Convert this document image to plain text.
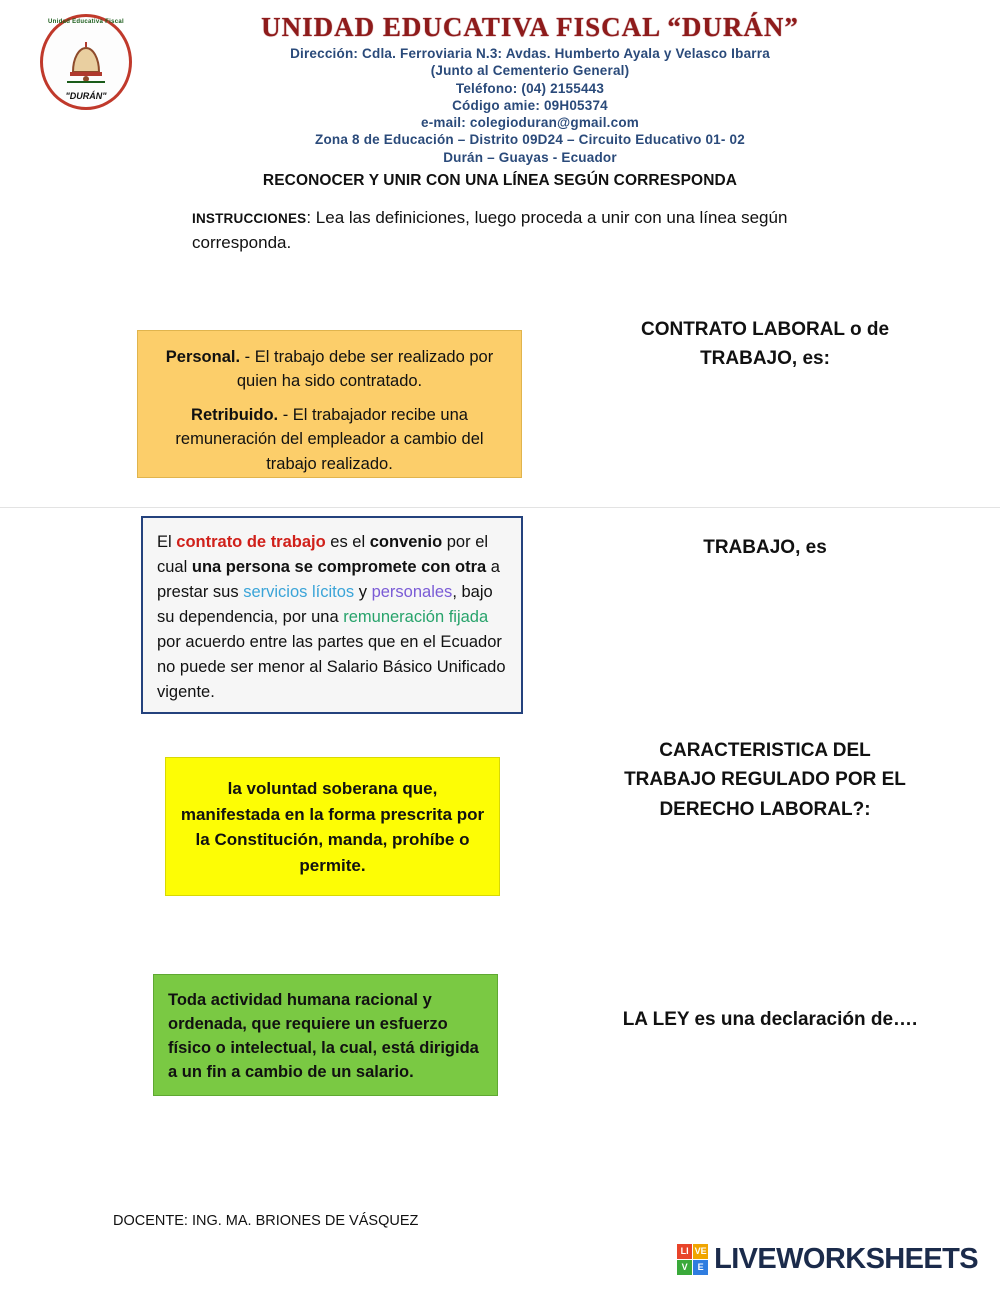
Unidad Educativa Fiscal
"DURÁN"
UNIDAD EDUCATIVA FISCAL “DURÁN”
Dirección: Cdla. Ferroviaria N.3: Avdas. Humberto Ayala y Velasco Ibarra
(Junto al Cementerio General)
Teléfono: (04) 2155443
Código amie: 09H05374
e-mail: colegioduran@gmail.com
Zona 8 de Educación – Distrito 09D24 – Circuito Educativo 01- 02
Durán – Guayas - Ecuador
RECONOCER Y UNIR CON UNA LÍNEA SEGÚN CORRESPONDA
INSTRUCCIONES: Lea las definiciones, luego proceda a unir con una línea según corresponda.

Personal. - El trabajo debe ser realizado por quien ha sido contratado.

Retribuido. - El trabajador recibe una remuneración del empleador a cambio del trabajo realizado.

El contrato de trabajo es el convenio por el cual una persona se compromete con otra a prestar sus servicios lícitos y personales, bajo su dependencia, por una remuneración fijada por acuerdo entre las partes que en el Ecuador no puede ser menor al Salario Básico Unificado vigente.

la voluntad soberana que, manifestada en la forma prescrita por la Constitución, manda, prohíbe o permite.

Toda actividad humana racional y ordenada, que requiere un esfuerzo físico o intelectual, la cual, está dirigida a un fin a cambio de un salario.

CONTRATO LABORAL o de TRABAJO, es:
TRABAJO, es
CARACTERISTICA DEL TRABAJO REGULADO POR EL DERECHO LABORAL?:
LA LEY es una declaración de….
DOCENTE: ING. MA. BRIONES DE VÁSQUEZ
LI VE
V	E LIVEWORKSHEETS
